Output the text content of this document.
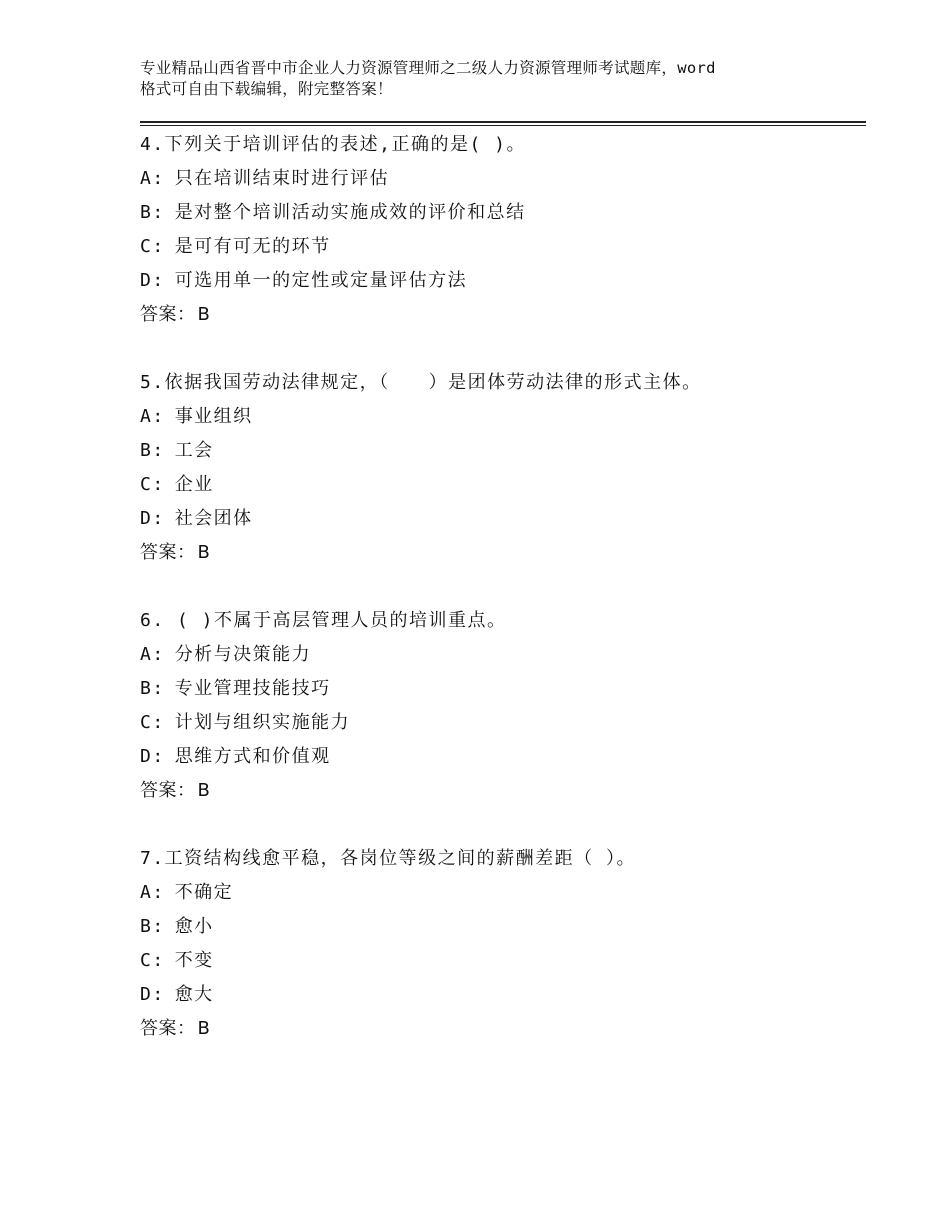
专业精品山西省晋中市企业人力资源管理师之二级人力资源管理师考试题库，word
格式可自由下载编辑，附完整答案！
4.下列关于培训评估的表述,正确的是( )。
A: 只在培训结束时进行评估
B: 是对整个培训活动实施成效的评价和总结
C: 是可有可无的环节
D: 可选用单一的定性或定量评估方法
答案： B
5.依据我国劳动法律规定，（　　）是团体劳动法律的形式主体。
A: 事业组织
B: 工会
C: 企业
D: 社会团体
答案： B
6. ( )不属于高层管理人员的培训重点。
A: 分析与决策能力
B: 专业管理技能技巧
C: 计划与组织实施能力
D: 思维方式和价值观
答案： B
7.工资结构线愈平稳，各岗位等级之间的薪酬差距（ ）。
A: 不确定
B: 愈小
C: 不变
D: 愈大
答案： B
